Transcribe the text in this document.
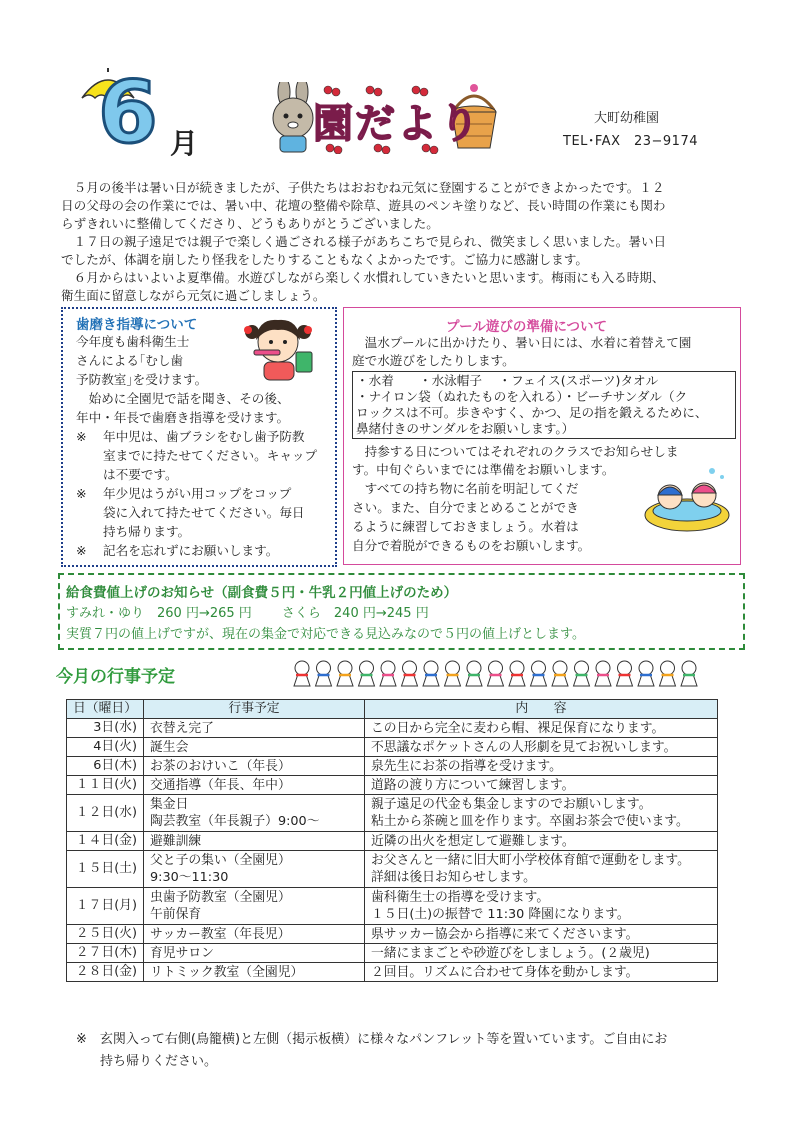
6 月	園だより	大町幼稚園
TEL･FAX　23−9174
　５月の後半は暑い日が続きましたが、子供たちはおおむね元気に登園することができよかったです。１２
日の父母の会の作業にでは、暑い中、花壇の整備や除草、遊具のペンキ塗りなど、長い時間の作業にも関わ
らずきれいに整備してくださり、どうもありがとうございました。
　１７日の親子遠足では親子で楽しく過ごされる様子があちこちで見られ、微笑ましく思いました。暑い日
でしたが、体調を崩したり怪我をしたりすることもなくよかったです。ご協力に感謝します。
　６月からはいよいよ夏準備。水遊びしながら楽しく水慣れしていきたいと思います。梅雨にも入る時期、
衛生面に留意しながら元気に過ごしましょう。
歯磨き指導について
今年度も歯科衛生士
さんによる｢むし歯
予防教室｣を受けます。
　始めに全園児で話を聞き、その後、
年中・年長で歯磨き指導を受けます。
※ 年中児は、歯ブラシをむし歯予防教
室までに持たせてください。キャップ
は不要です。
※ 年少児はうがい用コップをコップ
袋に入れて持たせてください。毎日
持ち帰ります。
※ 記名を忘れずにお願いします。
プール遊びの準備について
　温水プールに出かけたり、暑い日には、水着に着替えて園
庭で水遊びをしたりします。
・水着　　・水泳帽子　 ・フェイス(スポーツ)タオル
・ナイロン袋（ぬれたものを入れる）・ビーチサンダル（ク
ロックスは不可。歩きやすく、かつ、足の指を鍛えるために、
鼻緒付きのサンダルをお願いします。）
　持参する日についてはそれぞれのクラスでお知らせしま
す。中旬ぐらいまでには準備をお願いします。
　すべての持ち物に名前を明記してくだ
さい。また、自分でまとめることができ
るように練習しておきましょう。水着は
自分で着脱ができるものをお願いします。
給食費値上げのお知らせ（副食費５円・牛乳２円値上げのため）
すみれ・ゆり　260 円→265 円　　 さくら　240 円→245 円
実質７円の値上げですが、現在の集金で対応できる見込みなので５円の値上げとします。
今月の行事予定
日（曜日）	行事予定	内　　容
3日(水)	衣替え完了	この日から完全に麦わら帽、裸足保育になります。

4日(火)	誕生会	不思議なポケットさんの人形劇を見てお祝いします。

6日(木)	お茶のおけいこ（年長）	泉先生にお茶の指導を受けます。

１１日(火)	交通指導（年長、年中）	道路の渡り方について練習します。

１２日(水)	集金日
陶芸教室（年長親子）9:00〜	親子遠足の代金も集金しますのでお願いします。
粘土から茶碗と皿を作ります。卒園お茶会で使います。

１４日(金)	避難訓練	近隣の出火を想定して避難します。

１５日(土)	父と子の集い（全園児）
9:30〜11:30	お父さんと一緒に旧大町小学校体育館で運動をします。
詳細は後日お知らせします。

１７日(月)	虫歯予防教室（全園児）
午前保育	歯科衛生士の指導を受けます。
１５日(土)の振替で 11:30 降園になります。

２５日(火)	サッカー教室（年長児）	県サッカー協会から指導に来てくださいます。

２７日(木)	育児サロン	一緒にままごとや砂遊びをしましょう。(２歳児)

２８日(金)	リトミック教室（全園児）	２回目。リズムに合わせて身体を動かします。
※　 玄関入って右側(鳥籠横)と左側（掲示板横）に様々なパンフレット等を置いています。ご自由にお
持ち帰りください。
